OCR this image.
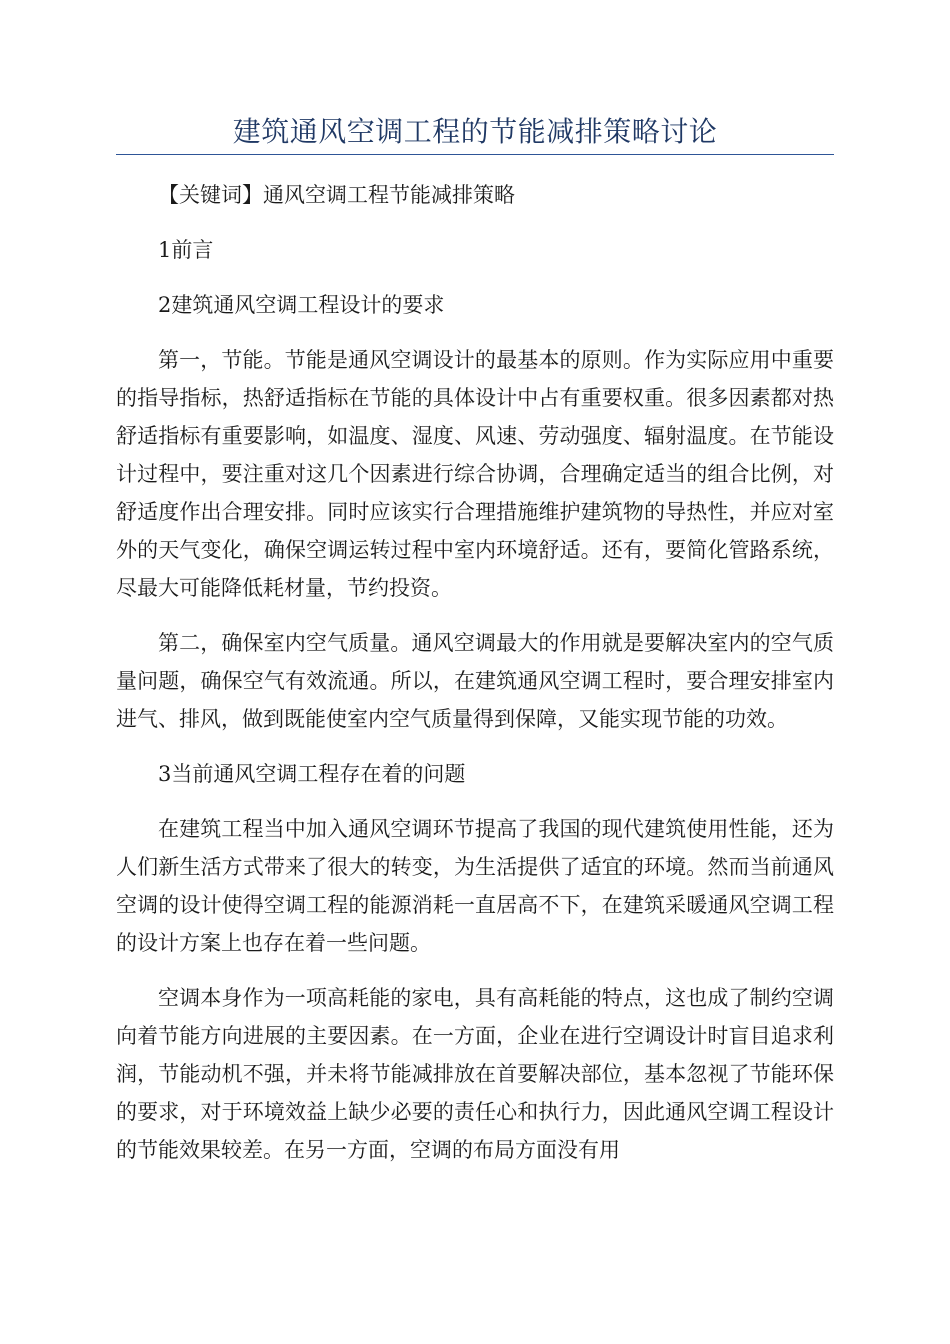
建筑通风空调工程的节能减排策略讨论

【关键词】通风空调工程节能减排策略

1前言

2建筑通风空调工程设计的要求

第一，节能。节能是通风空调设计的最基本的原则。作为实际应用中重要的指导指标，热舒适指标在节能的具体设计中占有重要权重。很多因素都对热舒适指标有重要影响，如温度、湿度、风速、劳动强度、辐射温度。在节能设计过程中，要注重对这几个因素进行综合协调，合理确定适当的组合比例，对舒适度作出合理安排。同时应该实行合理措施维护建筑物的导热性，并应对室外的天气变化，确保空调运转过程中室内环境舒适。还有，要简化管路系统，尽最大可能降低耗材量，节约投资。

第二，确保室内空气质量。通风空调最大的作用就是要解决室内的空气质量问题，确保空气有效流通。所以，在建筑通风空调工程时，要合理安排室内进气、排风，做到既能使室内空气质量得到保障，又能实现节能的功效。

3当前通风空调工程存在着的问题

在建筑工程当中加入通风空调环节提高了我国的现代建筑使用性能，还为人们新生活方式带来了很大的转变，为生活提供了适宜的环境。然而当前通风空调的设计使得空调工程的能源消耗一直居高不下，在建筑采暖通风空调工程的设计方案上也存在着一些问题。

空调本身作为一项高耗能的家电，具有高耗能的特点，这也成了制约空调向着节能方向进展的主要因素。在一方面，企业在进行空调设计时盲目追求利润，节能动机不强，并未将节能减排放在首要解决部位，基本忽视了节能环保的要求，对于环境效益上缺少必要的责任心和执行力，因此通风空调工程设计的节能效果较差。在另一方面，空调的布局方面没有用
